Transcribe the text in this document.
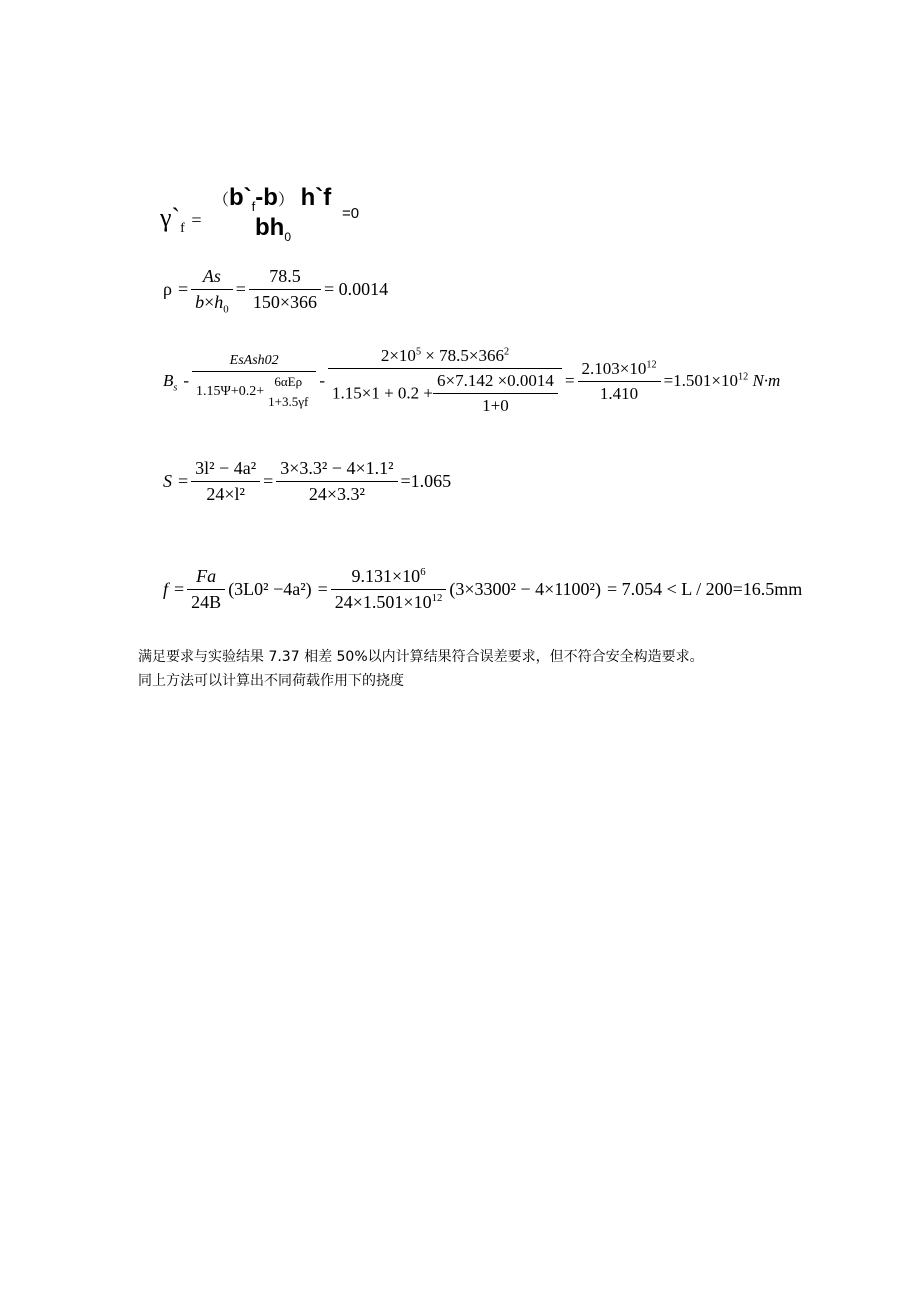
$\gamma`_f$ =
$(b`_f-b)$ h`f
$bh_0$
=0
$\rho = \frac{As}{b\times h_0} = \frac{78.5}{150\times 366} = 0.0014$
$B_s$ - EsAsh02
1.15Ψ+0.2+
6αEρ
$1+3.5\gamma f - \frac{2\times 10^5 \times 78.5\times 366^2}{1.15\times 1 + 0.2 + \frac{6\times 7.142 \times 0.0014}{1+0}} = \frac{2.103\times 10^{12}}{1.410} =1.501\times 10^{12}$ N·m
$S = \frac{\text{3l² − 4a²}}{\text{24×l²}} = \frac{\text{3×3.3² − 4×1.1²}}{\text{24×3.3²}} =1.065$
$f = \frac{Fa}{24B} (3L0^2 -4a^2) = \frac{9.131\times 10^6}{24\times 1.501\times 10^{12}} (3\times 3300^2 - 4\times 1100^2) = 7.054 < L / 200=16.5mm$
满足要求与实验结果 7.37 相差 50%以内计算结果符合误差要求，但不符合安全构造要求。
同上方法可以计算出不同荷载作用下的挠度
